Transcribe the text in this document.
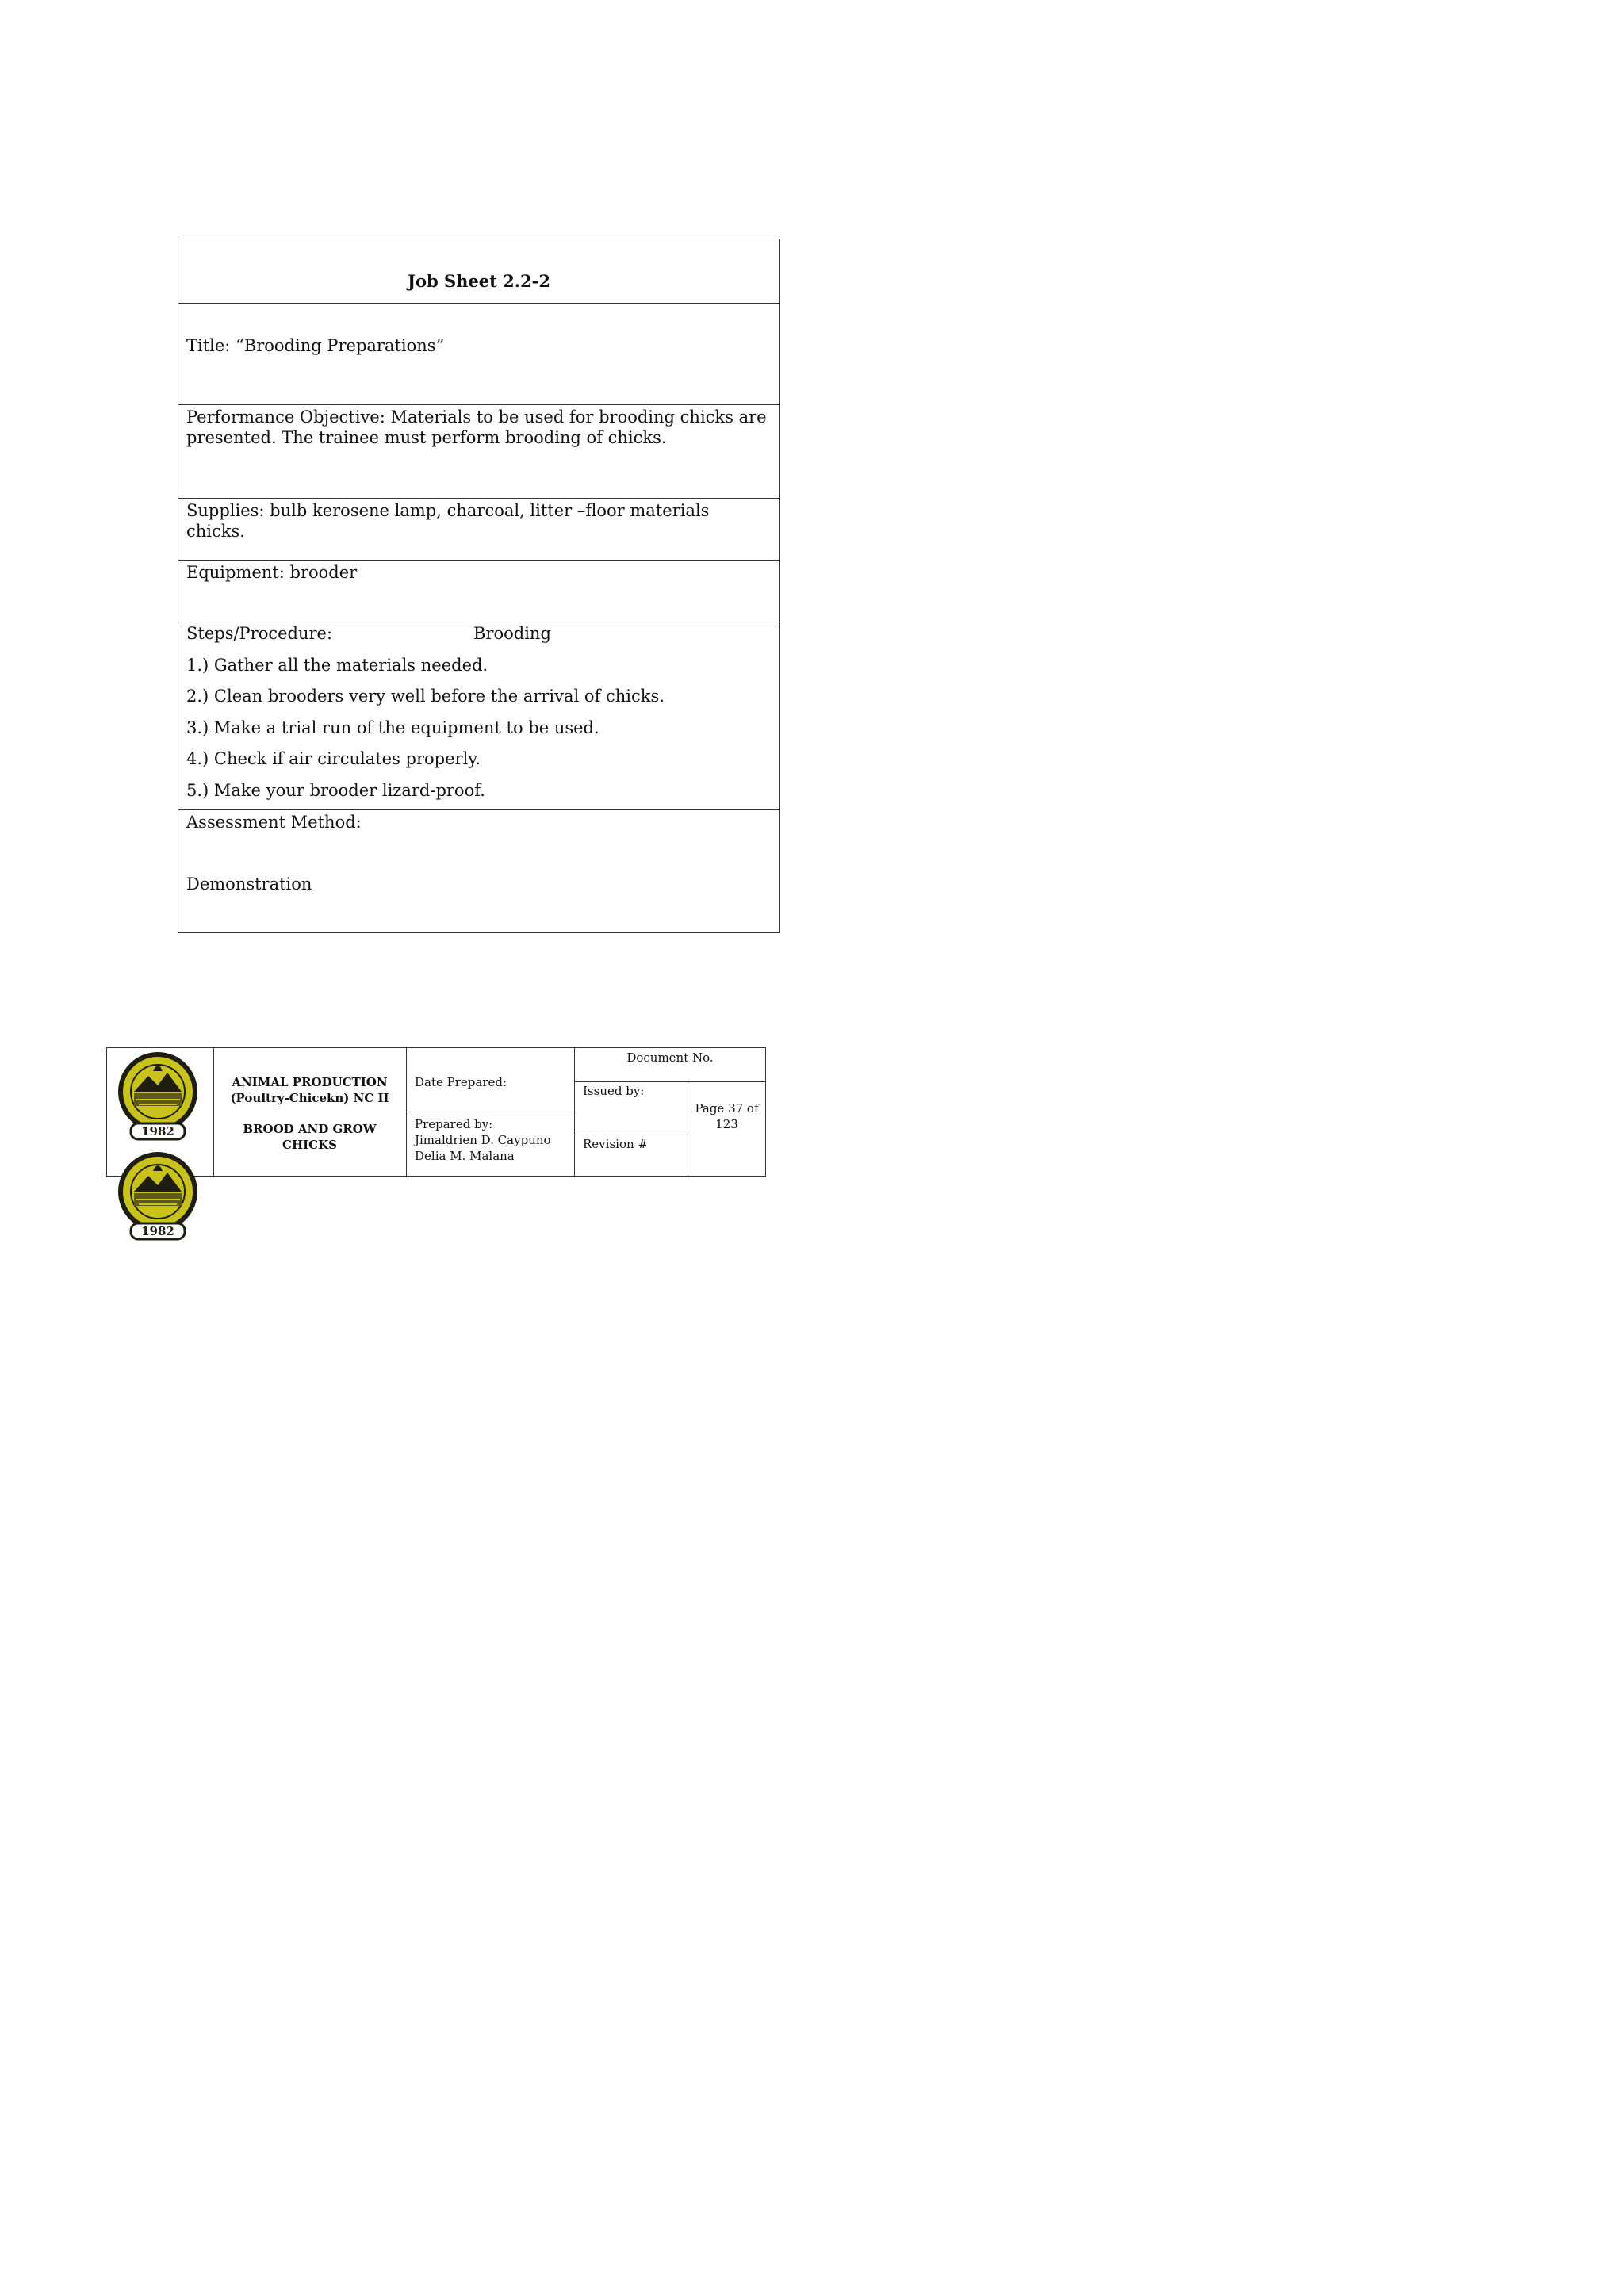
Job Sheet 2.2-2
Title: “Brooding Preparations”
Performance Objective: Materials to be used for brooding chicks are presented. The trainee must perform brooding of chicks.
Supplies: bulb kerosene lamp, charcoal, litter –floor materials chicks.
Equipment: brooder
Steps/Procedure:	Brooding
1.) Gather all the materials needed.
2.) Clean brooders very well before the arrival of chicks.
3.) Make a trial run of the equipment to be used.
4.) Check if air circulates properly.
5.) Make your brooder lizard-proof.
Assessment Method:
Demonstration
ANIMAL PRODUCTION
(Poultry-Chicekn) NC II
BROOD AND GROW
CHICKS
Date Prepared:
Prepared by:
Jimaldrien D. Caypuno
Delia M. Malana
Document No.
Issued by:
Revision #
Page 37 of
123
1982
1982
